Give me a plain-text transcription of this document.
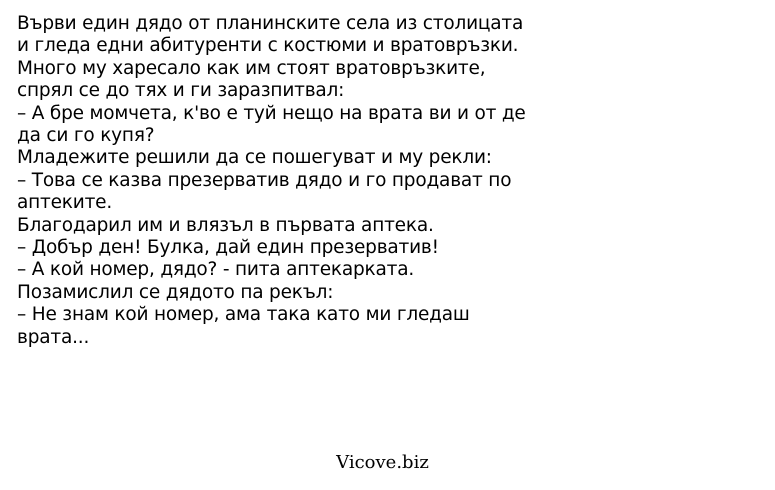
Върви един дядо от планинските села из столицата
и гледа едни абитуренти с костюми и вратовръзки.
Много му харесало как им стоят вратовръзките,
спрял се до тях и ги заразпитвал:
– А бре момчета, к'во е туй нещо на врата ви и от де
да си го купя?
Младежите решили да се пошегуват и му рекли:
– Това се казва презерватив дядо и го продават по
аптеките.
Благодарил им и влязъл в първата аптека.
– Добър ден! Булка, дай един презерватив!
– А кой номер, дядо? - пита аптекарката.
Позамислил се дядото па рекъл:
– Не знам кой номер, ама така като ми гледаш
врата...
Vicove.biz
